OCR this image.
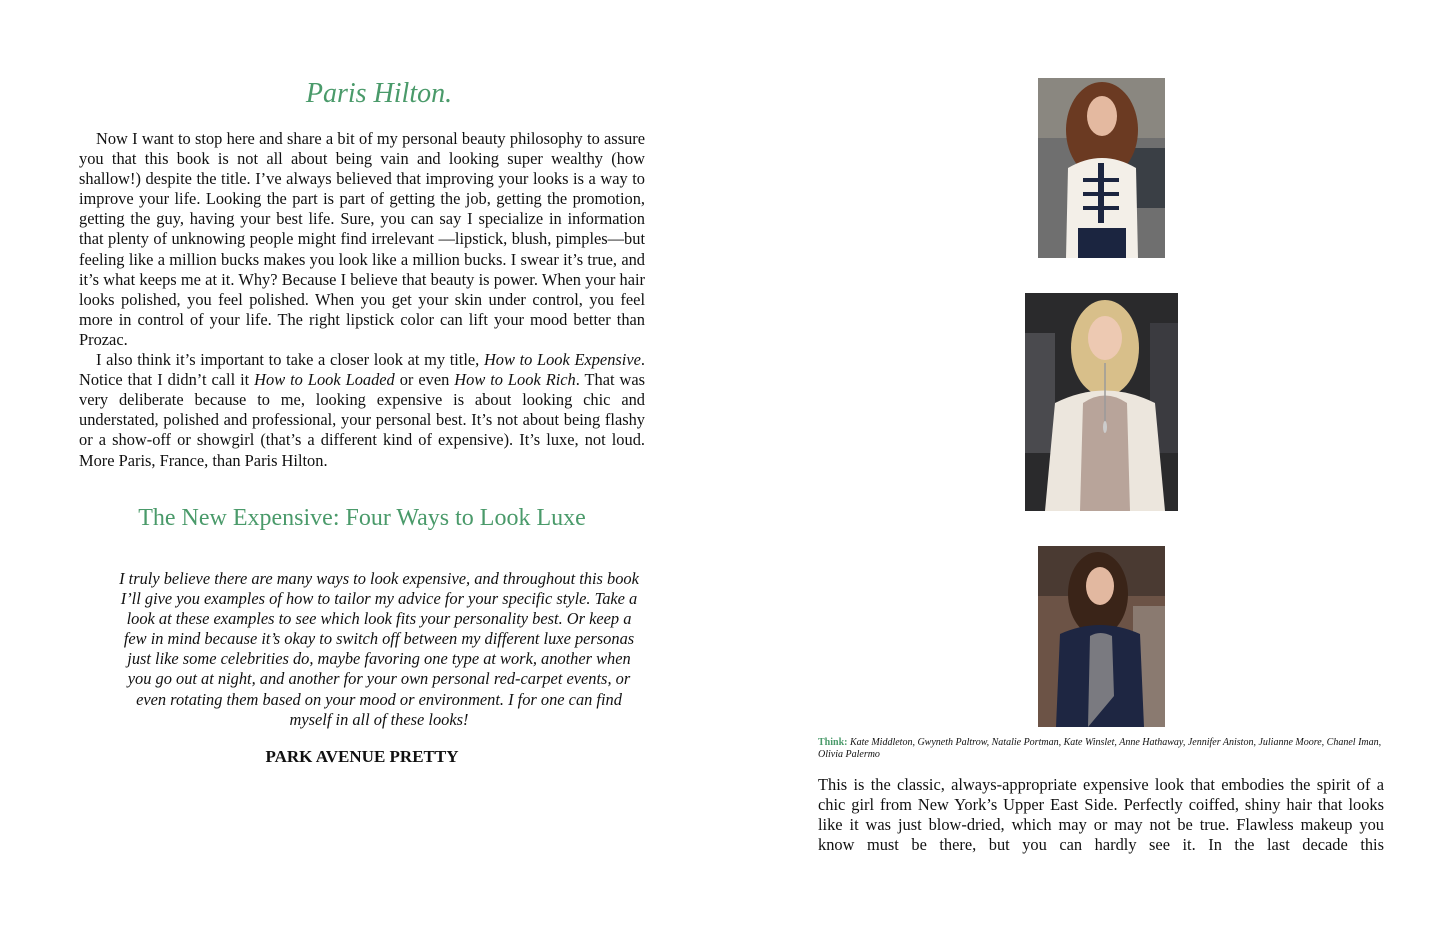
Paris Hilton.

Now I want to stop here and share a bit of my personal beauty philosophy to assure you that this book is not all about being vain and looking super wealthy (how shallow!) despite the title. I’ve always believed that improving your looks is a way to improve your life. Looking the part is part of getting the job, getting the promotion, getting the guy, having your best life. Sure, you can say I specialize in information that plenty of unknowing people might find irrelevant —lipstick, blush, pimples—but feeling like a million bucks makes you look like a million bucks. I swear it’s true, and it’s what keeps me at it. Why? Because I believe that beauty is power. When your hair looks polished, you feel polished. When you get your skin under control, you feel more in control of your life. The right lipstick color can lift your mood better than Prozac.

I also think it’s important to take a closer look at my title, How to Look Expensive. Notice that I didn’t call it How to Look Loaded or even How to Look Rich. That was very deliberate because to me, looking expensive is about looking chic and understated, polished and professional, your personal best. It’s not about being flashy or a show-off or showgirl (that’s a different kind of expensive). It’s luxe, not loud. More Paris, France, than Paris Hilton.

The New Expensive: Four Ways to Look Luxe

I truly believe there are many ways to look expensive, and throughout this book I’ll give you examples of how to tailor my advice for your specific style. Take a look at these examples to see which look fits your personality best. Or keep a few in mind because it’s okay to switch off between my different luxe personas just like some celebrities do, maybe favoring one type at work, another when you go out at night, and another for your own personal red-carpet events, or even rotating them based on your mood or environment. I for one can find myself in all of these looks!

PARK AVENUE PRETTY

Think: Kate Middleton, Gwyneth Paltrow, Natalie Portman, Kate Winslet, Anne Hathaway, Jennifer Aniston, Julianne Moore, Chanel Iman, Olivia Palermo

This is the classic, always-appropriate expensive look that embodies the spirit of a chic girl from New York’s Upper East Side. Perfectly coiffed, shiny hair that looks like it was just blow-dried, which may or may not be true. Flawless makeup you know must be there, but you can hardly see it. In the last decade this
